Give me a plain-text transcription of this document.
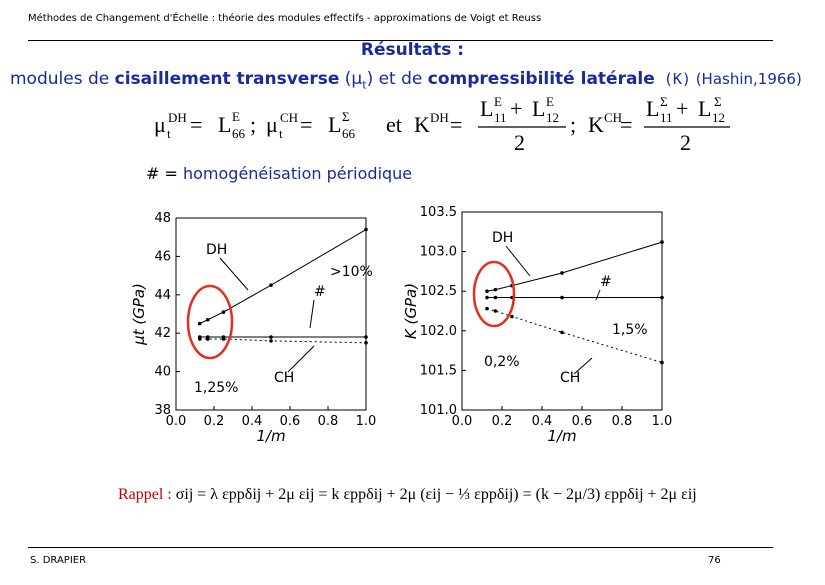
Méthodes de Changement d'Échelle : théorie des modules effectifs - approximations de Voigt et Reuss
Résultats :
modules de cisaillement transverse $(\mu_t)$ et de compressibilité latérale (K) (Hashin,1966)
μ t
DH = L 66
E ; μ t
CH = L 66
Σ et K DH =
L 11
E + L 12
E
2
; K CH
=
L 11
Σ + L 12
Σ
2
# = homogénéisation périodique
0.0 0.2 0.4 0.6 0.8 1.0
38
40
42
44
46
48
1/m
μt (GPa)
DH
#
CH
0.0 0.2 0.4 0.6 0.8 1.0
101.0
101.5
102.0
102.5
103.0
103.5
1/m
K (GPa)
DH
#
CH
>10%
1,25%
1,5%
0,2%
Rappel : σij = λ εppδij + 2μ εij = k εppδij + 2μ (εij − ⅓ εppδij) = (k − 2μ/3) εppδij + 2μ εij
S. DRAPIER	76
